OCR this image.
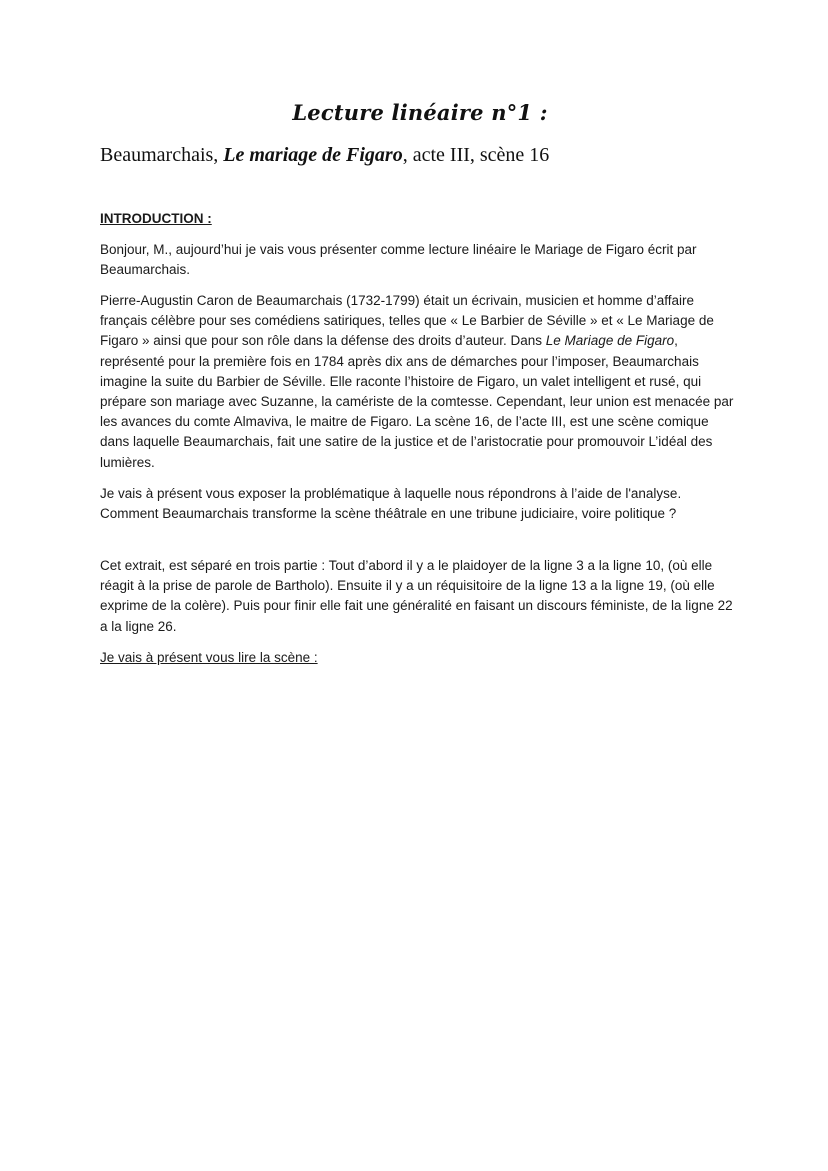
Lecture linéaire n°1 :
Beaumarchais, Le mariage de Figaro, acte III, scène 16
INTRODUCTION :
Bonjour, M., aujourd’hui je vais vous présenter comme lecture linéaire le Mariage de Figaro écrit par Beaumarchais.
Pierre-Augustin Caron de Beaumarchais (1732-1799) était un écrivain, musicien et homme d’affaire français célèbre pour ses comédiens satiriques, telles que « Le Barbier de Séville » et « Le Mariage de Figaro » ainsi que pour son rôle dans la défense des droits d’auteur. Dans Le Mariage de Figaro, représenté pour la première fois en 1784 après dix ans de démarches pour l’imposer, Beaumarchais imagine la suite du Barbier de Séville. Elle raconte l’histoire de Figaro, un valet intelligent et rusé, qui prépare son mariage avec Suzanne, la caméristе de la comtesse. Cependant, leur union est menacée par les avances du comte Almaviva, le maitre de Figaro. La scène 16, de l’acte III, est une scène comique dans laquelle Beaumarchais, fait une satire de la justice et de l’aristocratie pour promouvoir L’idéal des lumières.
Je vais à présent vous exposer la problématique à laquelle nous répondrons à l’aide de l'analyse. Comment Beaumarchais transforme la scène théâtrale en une tribune judiciaire, voire politique ?
Cet extrait, est séparé en trois partie : Tout d’abord il y a le plaidoyer de la ligne 3 a la ligne 10, (où elle réagit à la prise de parole de Bartholo). Ensuite il y a un réquisitoire de la ligne 13 a la ligne 19, (où elle exprime de la colère). Puis pour finir elle fait une généralité en faisant un discours féministe, de la ligne 22 a la ligne 26.
Je vais à présent vous lire la scène :
